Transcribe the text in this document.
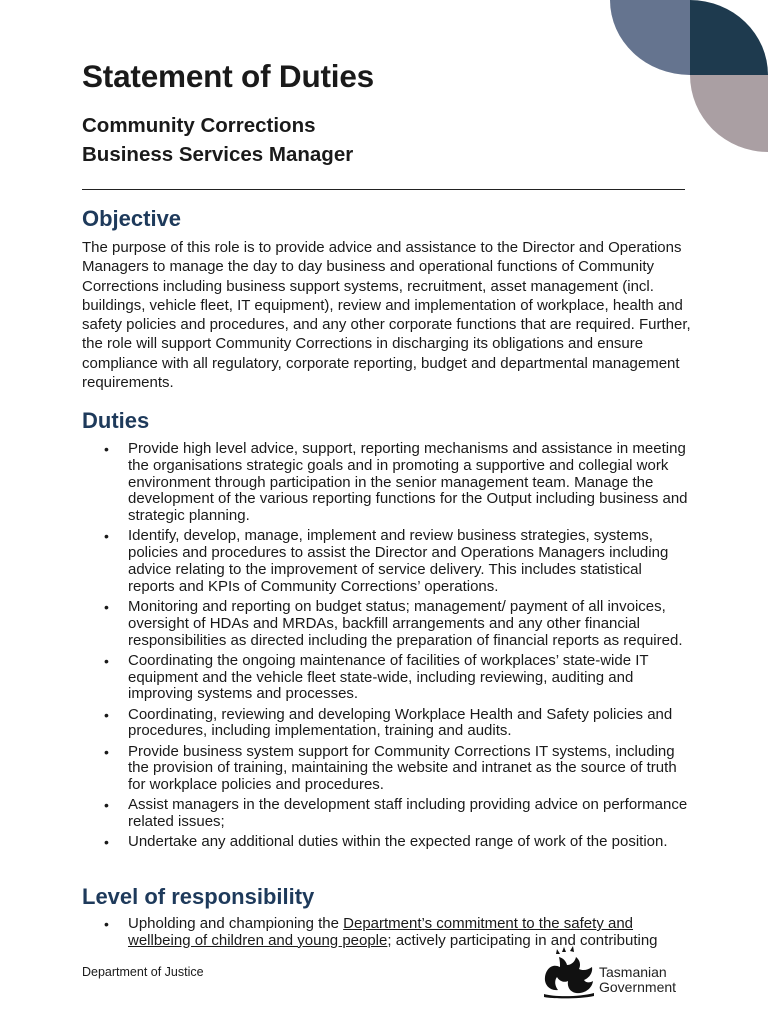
Statement of Duties
Community Corrections
Business Services Manager
Objective

The purpose of this role is to provide advice and assistance to the Director and Operations Managers to manage the day to day business and operational functions of Community Corrections including business support systems, recruitment, asset management (incl. buildings, vehicle fleet, IT equipment), review and implementation of workplace, health and safety policies and procedures, and any other corporate functions that are required. Further, the role will support Community Corrections in discharging its obligations and ensure compliance with all regulatory, corporate reporting, budget and departmental management requirements.

Duties
• Provide high level advice, support, reporting mechanisms and assistance in meeting the organisations strategic goals and in promoting a supportive and collegial work environment through participation in the senior management team. Manage the development of the various reporting functions for the Output including business and strategic planning.
• Identify, develop, manage, implement and review business strategies, systems, policies and procedures to assist the Director and Operations Managers including advice relating to the improvement of service delivery. This includes statistical reports and KPIs of Community Corrections’ operations.
• Monitoring and reporting on budget status; management/ payment of all invoices, oversight of HDAs and MRDAs, backfill arrangements and any other financial responsibilities as directed including the preparation of financial reports as required.
• Coordinating the ongoing maintenance of facilities of workplaces’ state-wide IT equipment and the vehicle fleet state-wide, including reviewing, auditing and improving systems and processes.
• Coordinating, reviewing and developing Workplace Health and Safety policies and procedures, including implementation, training and audits.
• Provide business system support for Community Corrections IT systems, including the provision of training, maintaining the website and intranet as the source of truth for workplace policies and procedures.
• Assist managers in the development staff including providing advice on performance related issues;
• Undertake any additional duties within the expected range of work of the position.
Level of responsibility
• Upholding and championing the Department’s commitment to the safety and wellbeing of children and young people; actively participating in and contributing
Department of Justice	Tasmanian
Government
